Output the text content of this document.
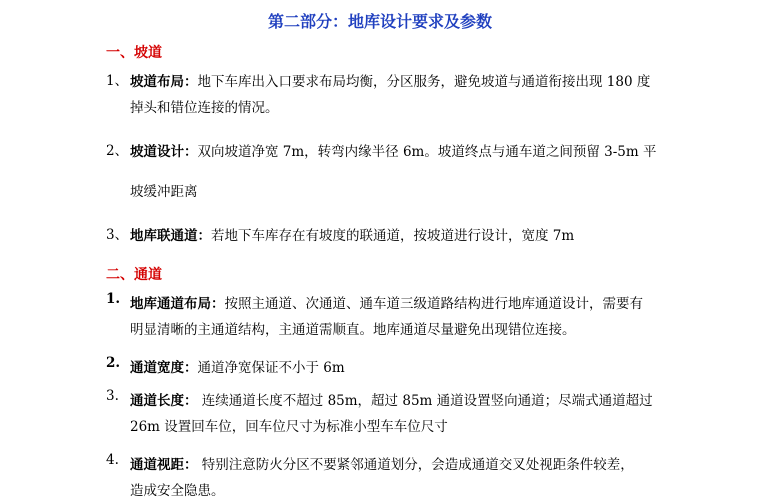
第二部分：地库设计要求及参数
一、坡道
1、 坡道布局：地下车库出入口要求布局均衡，分区服务，避免坡道与通道衔接出现 180 度
掉头和错位连接的情况。
2、 坡道设计：双向坡道净宽 7m，转弯内缘半径 6m。坡道终点与通车道之间预留 3-5m 平
坡缓冲距离
3、 地库联通道：若地下车库存在有坡度的联通道，按坡道进行设计，宽度 7m
二、通道
1. 地库通道布局：按照主通道、次通道、通车道三级道路结构进行地库通道设计，需要有
明显清晰的主通道结构，主通道需顺直。地库通道尽量避免出现错位连接。
2. 通道宽度：通道净宽保证不小于 6m
3. 通道长度： 连续通道长度不超过 85m，超过 85m 通道设置竖向通道；尽端式通道超过
26m 设置回车位，回车位尺寸为标准小型车车位尺寸
4. 通道视距： 特别注意防火分区不要紧邻通道划分，会造成通道交叉处视距条件较差，
造成安全隐患。
